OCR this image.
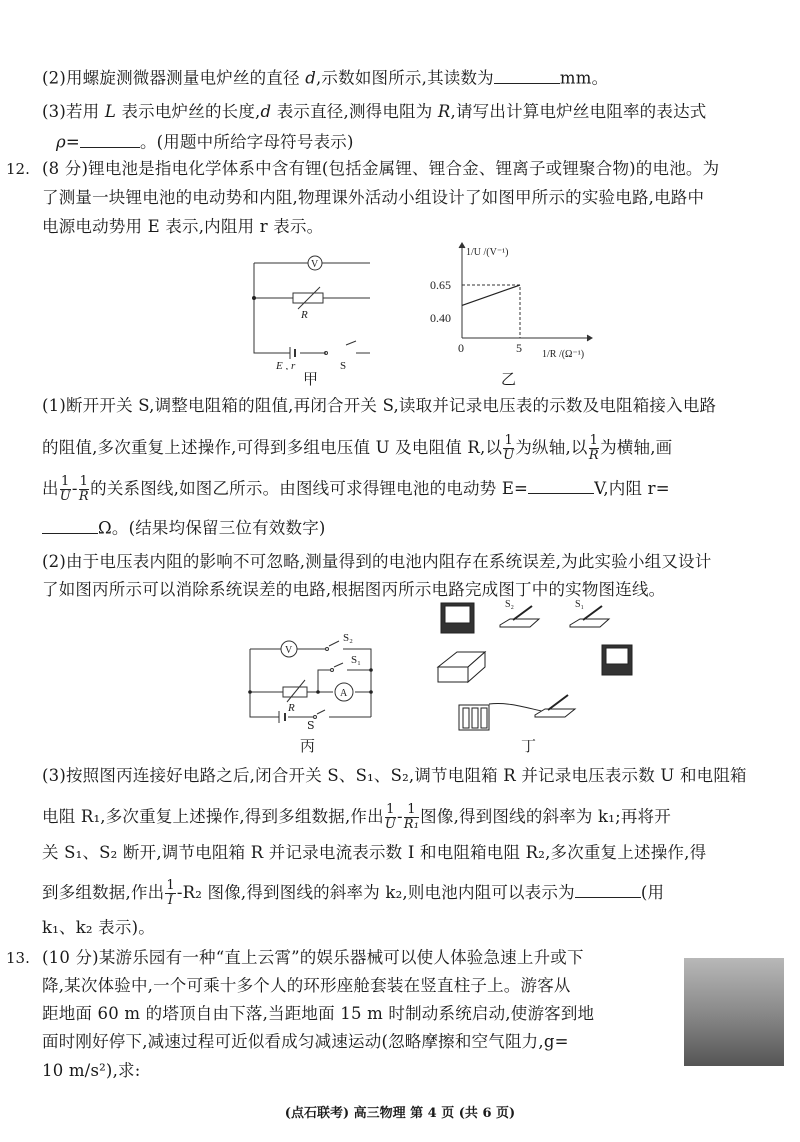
(2)用螺旋测微器测量电炉丝的直径 d,示数如图所示,其读数为	mm。
(3)若用 L 表示电炉丝的长度,d 表示直径,测得电阻为 R,请写出计算电炉丝电阻率的表达式
ρ=	。(用题中所给字母符号表示)
12. (8 分)锂电池是指电化学体系中含有锂(包括金属锂、锂合金、锂离子或锂聚合物)的电池。为
了测量一块锂电池的电动势和内阻,物理课外活动小组设计了如图甲所示的实验电路,电路中
电源电动势用 E 表示,内阻用 r 表示。
V
R
E , r	S
甲
1/U /(V⁻¹)
0.65
0.40
0	5 1/R /(Ω⁻¹)
乙
(1)断开开关 S,调整电阻箱的阻值,再闭合开关 S,读取并记录电压表的示数及电阻箱接入电路
的阻值,多次重复上述操作,可得到多组电压值 U 及电阻值 R,以 $\frac{1}{U}$ 为纵轴,以 $\frac{1}{R}$ 为横轴,画
出 $\frac{1}{U} - \frac{1}{R}$ 的关系图线,如图乙所示。由图线可求得锂电池的电动势 E=	V,内阻 r=
Ω。(结果均保留三位有效数字)
(2)由于电压表内阻的影响不可忽略,测量得到的电池内阻存在系统误差,为此实验小组又设计
了如图丙所示可以消除系统误差的电路,根据图丙所示电路完成图丁中的实物图连线。
V
A
S₂
S₁
R
S
丙
S₂	S₁
丁
(3)按照图丙连接好电路之后,闭合开关 S、S₁、S₂,调节电阻箱 R 并记录电压表示数 U 和电阻箱
电阻 R₁,多次重复上述操作,得到多组数据,作出 $\frac{1}{U} - \frac{1}{\text{R₁}}$ 图像,得到图线的斜率为 k₁;再将开
关 S₁、S₂ 断开,调节电阻箱 R 并记录电流表示数 I 和电阻箱电阻 R₂,多次重复上述操作,得
到多组数据,作出 $\frac{1}{I} -R_2$ 图像,得到图线的斜率为 k₂,则电池内阻可以表示为	(用
k₁、k₂ 表示)。
13. (10 分)某游乐园有一种“直上云霄”的娱乐器械可以使人体验急速上升或下
降,某次体验中,一个可乘十多个人的环形座舱套装在竖直柱子上。游客从
距地面 60 m 的塔顶自由下落,当距地面 15 m 时制动系统启动,使游客到地
面时刚好停下,减速过程可近似看成匀减速运动(忽略摩擦和空气阻力,g=
10 m/s²),求:
(点石联考) 高三物理 第 4 页 (共 6 页)
